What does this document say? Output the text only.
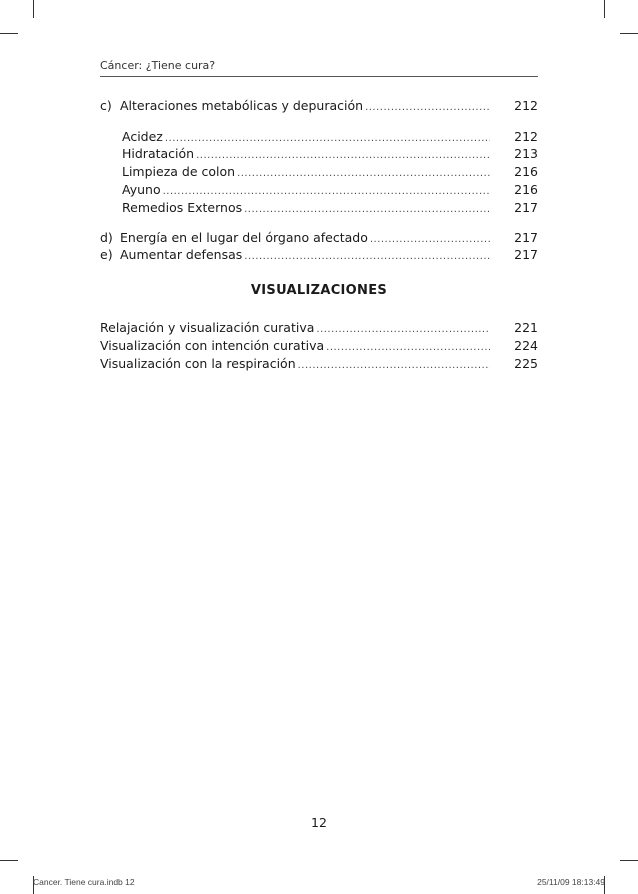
Cáncer: ¿Tiene cura?
c) Alteraciones metabólicas y depuración .....	212
Acidez .....	212
Hidratación .....	213
Limpieza de colon .....	216
Ayuno .....	216
Remedios Externos .....	217
d) Energía en el lugar del órgano afectado .....	217
e) Aumentar defensas .....	217
VISUALIZACIONES
Relajación y visualización curativa .....	221
Visualización con intención curativa .....	224
Visualización con la respiración .....	225
12
Cancer. Tiene cura.indb 12	25/11/09 18:13:49
